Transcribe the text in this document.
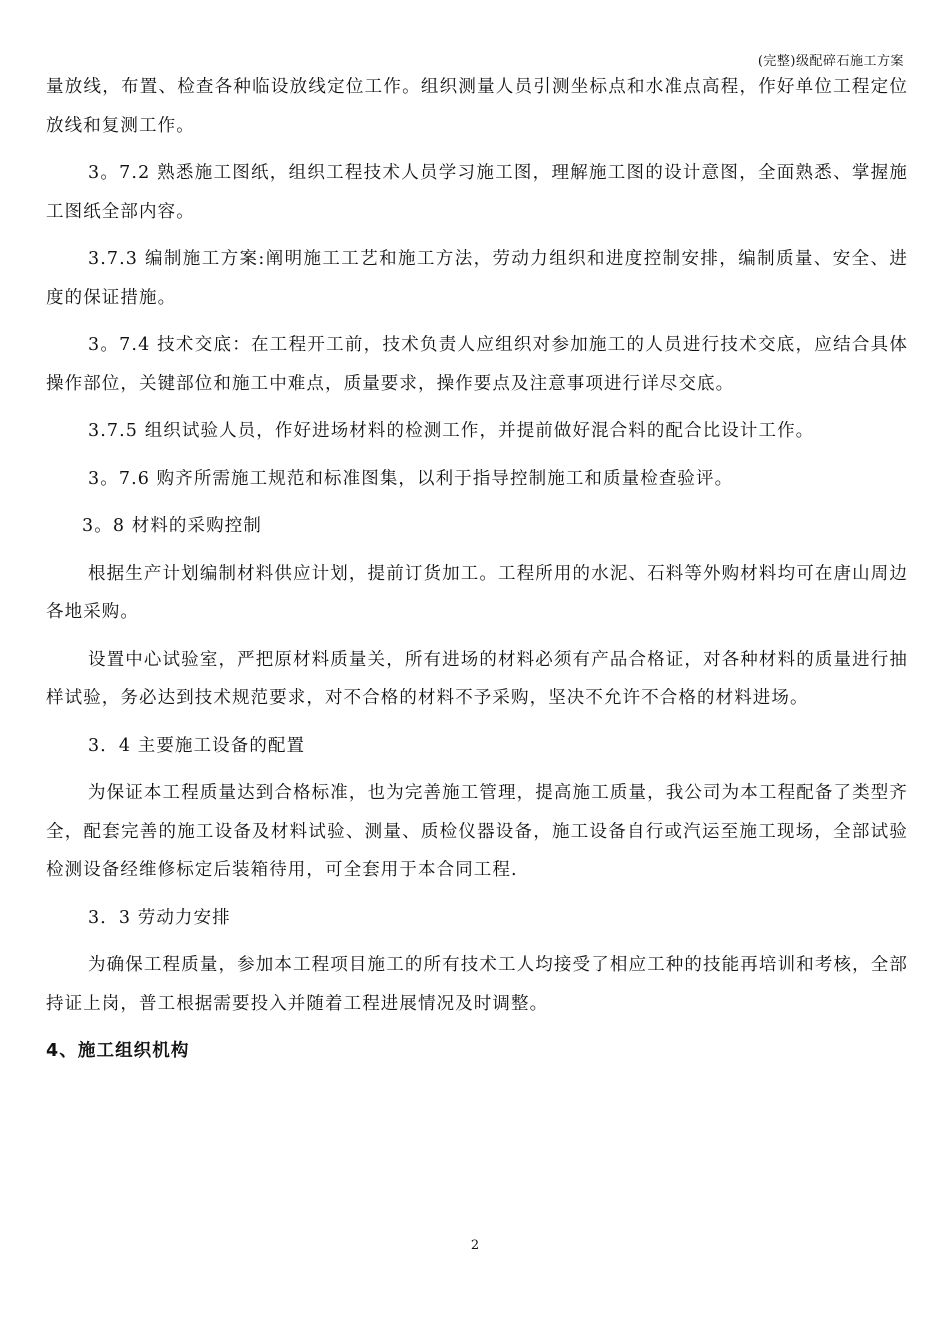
(完整)级配碎石施工方案

量放线，布置、检查各种临设放线定位工作。组织测量人员引测坐标点和水准点高程，作好单位工程定位放线和复测工作。

3。7.2 熟悉施工图纸，组织工程技术人员学习施工图，理解施工图的设计意图，全面熟悉、掌握施工图纸全部内容。

3.7.3 编制施工方案:阐明施工工艺和施工方法，劳动力组织和进度控制安排，编制质量、安全、进度的保证措施。

3。7.4 技术交底：在工程开工前，技术负责人应组织对参加施工的人员进行技术交底，应结合具体操作部位，关键部位和施工中难点，质量要求，操作要点及注意事项进行详尽交底。

3.7.5 组织试验人员，作好进场材料的检测工作，并提前做好混合料的配合比设计工作。

3。7.6 购齐所需施工规范和标准图集，以利于指导控制施工和质量检查验评。

3。8 材料的采购控制

根据生产计划编制材料供应计划，提前订货加工。工程所用的水泥、石料等外购材料均可在唐山周边各地采购。

设置中心试验室，严把原材料质量关，所有进场的材料必须有产品合格证，对各种材料的质量进行抽样试验，务必达到技术规范要求，对不合格的材料不予采购，坚决不允许不合格的材料进场。

3．4 主要施工设备的配置

为保证本工程质量达到合格标准，也为完善施工管理，提高施工质量，我公司为本工程配备了类型齐全，配套完善的施工设备及材料试验、测量、质检仪器设备，施工设备自行或汽运至施工现场，全部试验检测设备经维修标定后装箱待用，可全套用于本合同工程.

3．3 劳动力安排

为确保工程质量，参加本工程项目施工的所有技术工人均接受了相应工种的技能再培训和考核，全部持证上岗，普工根据需要投入并随着工程进展情况及时调整。

4、施工组织机构

2
